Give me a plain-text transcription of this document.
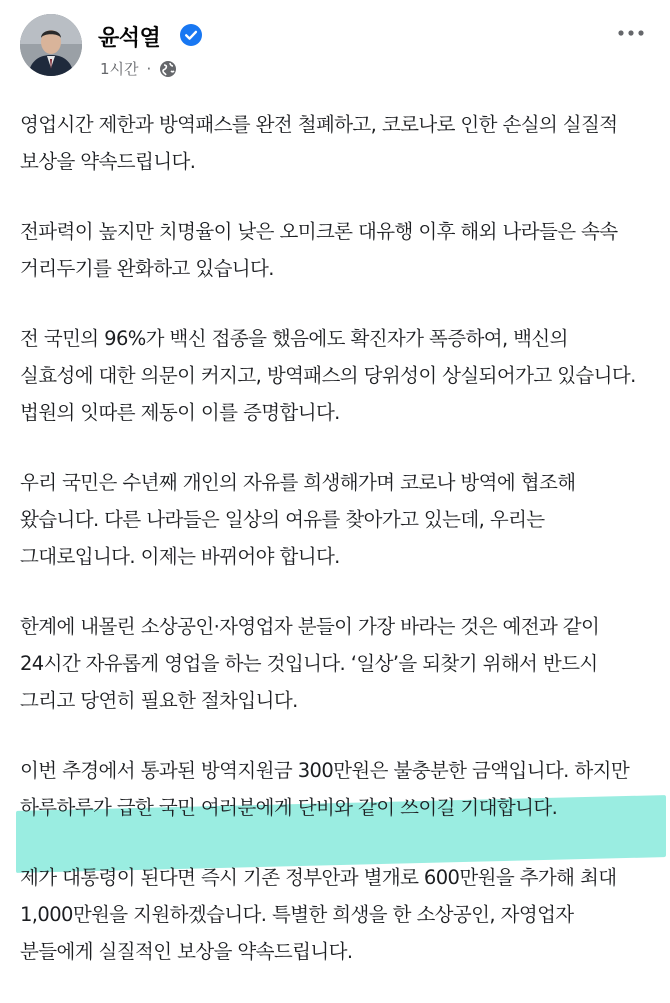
윤석열
1시간 ·

영업시간 제한과 방역패스를 완전 철폐하고, 코로나로 인한 손실의 실질적
보상을 약속드립니다.

전파력이 높지만 치명율이 낮은 오미크론 대유행 이후 해외 나라들은 속속
거리두기를 완화하고 있습니다.

전 국민의 96%가 백신 접종을 했음에도 확진자가 폭증하여, 백신의
실효성에 대한 의문이 커지고, 방역패스의 당위성이 상실되어가고 있습니다.
법원의 잇따른 제동이 이를 증명합니다.

우리 국민은 수년째 개인의 자유를 희생해가며 코로나 방역에 협조해
왔습니다. 다른 나라들은 일상의 여유를 찾아가고 있는데, 우리는
그대로입니다. 이제는 바뀌어야 합니다.

한계에 내몰린 소상공인·자영업자 분들이 가장 바라는 것은 예전과 같이
24시간 자유롭게 영업을 하는 것입니다. ‘일상’을 되찾기 위해서 반드시
그리고 당연히 필요한 절차입니다.

이번 추경에서 통과된 방역지원금 300만원은 불충분한 금액입니다. 하지만
하루하루가 급한 국민 여러분에게 단비와 같이 쓰이길 기대합니다.

제가 대통령이 된다면 즉시 기존 정부안과 별개로 600만원을 추가해 최대
1,000만원을 지원하겠습니다. 특별한 희생을 한 소상공인, 자영업자
분들에게 실질적인 보상을 약속드립니다.
